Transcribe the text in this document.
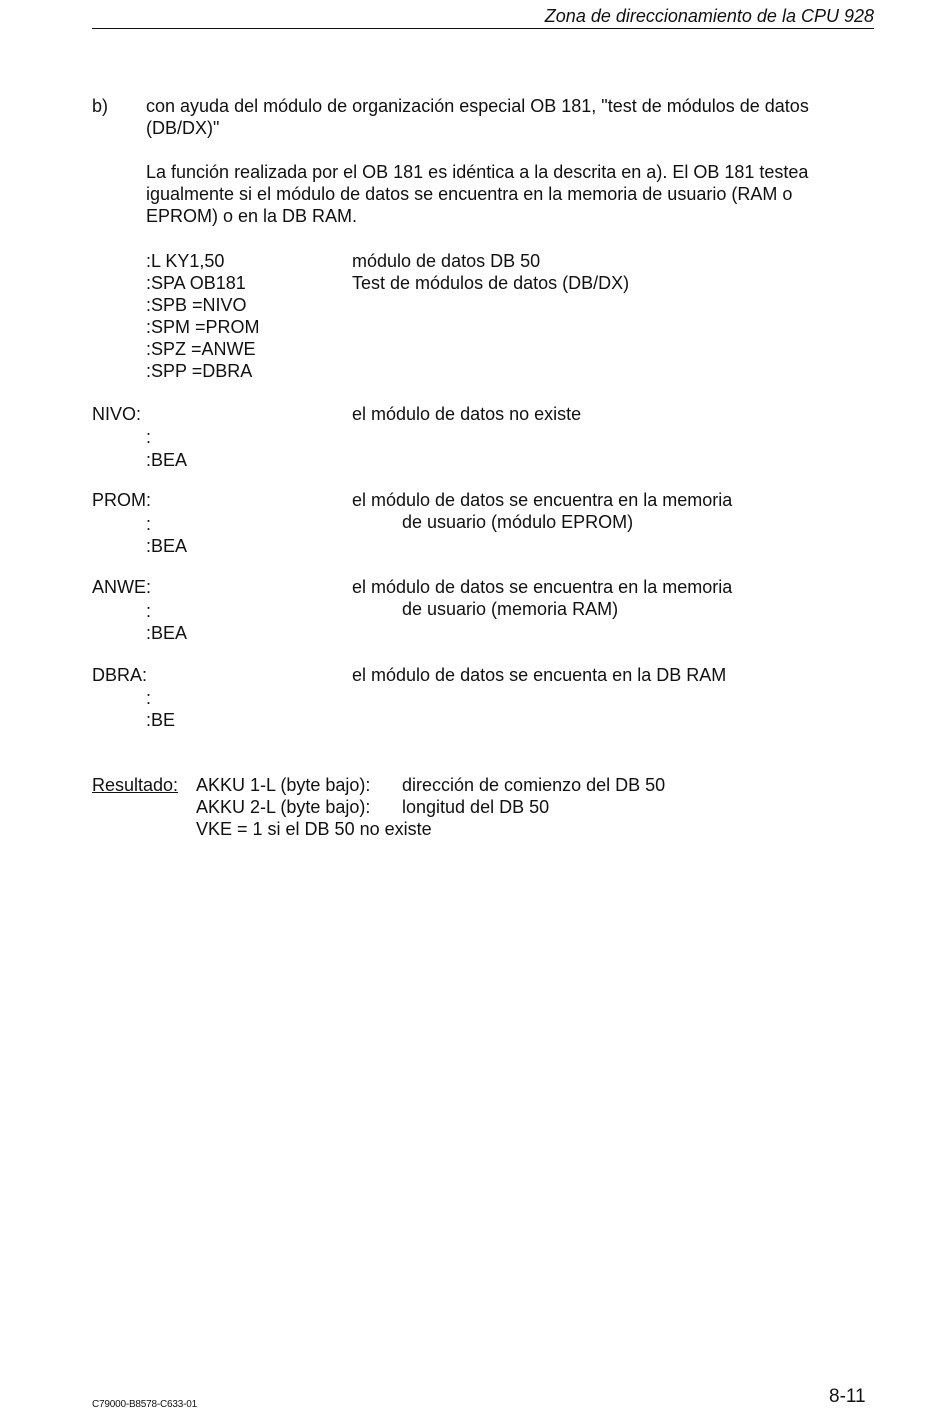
Zona de direccionamiento de la CPU 928
b) con ayuda del módulo de organización especial OB 181, "test de módulos de datos
(DB/DX)"
La función realizada por el OB 181 es idéntica a la descrita en a). El OB 181 testea
igualmente si el módulo de datos se encuentra en la memoria de usuario (RAM o
EPROM) o en la DB RAM.
:L KY1,50	módulo de datos DB 50
:SPA OB181	Test de módulos de datos (DB/DX)
:SPB =NIVO
:SPM =PROM
:SPZ =ANWE
:SPP =DBRA
NIVO:	el módulo de datos no existe
:
:BEA
PROM:	el módulo de datos se encuentra en la memoria
de usuario (módulo EPROM)
:
:BEA
ANWE:	el módulo de datos se encuentra en la memoria
de usuario (memoria RAM)
:
:BEA
DBRA:	el módulo de datos se encuenta en la DB RAM
:
:BE
Resultado: AKKU 1-L (byte bajo): dirección de comienzo del DB 50
AKKU 2-L (byte bajo): longitud del DB 50
VKE = 1 si el DB 50 no existe
C79000-B8578-C633-01	8-11
